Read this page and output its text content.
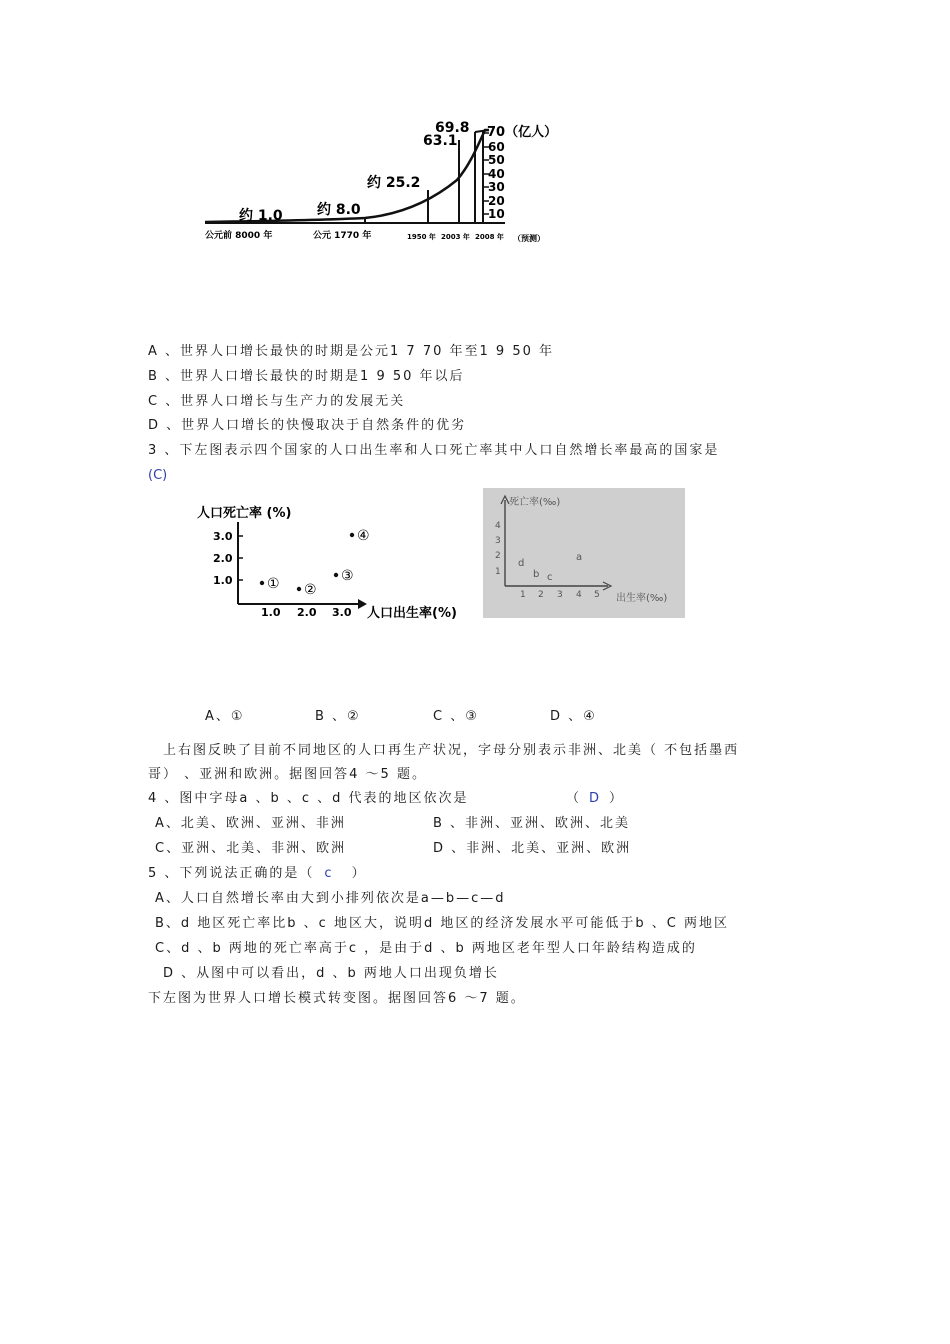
70（亿人）
60
50
40
30
20
10
约 1.0 约 8.0
约 25.2
63.1
69.8
公元前 8000 年	公元 1770 年	1950 年 2003 年 2008 年 （预测）
A 、世界人口增长最快的时期是公元1 7 70 年至1 9 50 年
B 、世界人口增长最快的时期是1 9 50 年以后
C 、世界人口增长与生产力的发展无关
D 、世界人口增长的快慢取决于自然条件的优劣
3 、下左图表示四个国家的人口出生率和人口死亡率其中人口自然增长率最高的国家是
(C)
人口死亡率 (%)
3.0
2.0
1.0
1.0 2.0 3.0 人口出生率(%)
① ②
③
④
死亡率(‰)
4
3
2
1
1 2 3 4 5 出生率(‰)
a
b c
d
A、①	B 、②	C 、③	D 、④
上右图反映了目前不同地区的人口再生产状况，字母分别表示非洲、北美（ 不包括墨西
哥） 、亚洲和欧洲。据图回答4 ～5 题。
4 、图中字母a 、b 、c 、d 代表的地区依次是	（ D ）
A、北美、欧洲、亚洲、非洲	B 、非洲、亚洲、欧洲、北美
C、亚洲、北美、非洲、欧洲	D 、非洲、北美、亚洲、欧洲
5 、下列说法正确的是（ c ）
A、人口自然增长率由大到小排列依次是a—b—c—d
B、d 地区死亡率比b 、c 地区大，说明d 地区的经济发展水平可能低于b 、C 两地区
C、d 、b 两地的死亡率高于c ，是由于d 、b 两地区老年型人口年龄结构造成的
D 、从图中可以看出，d 、b 两地人口出现负增长
下左图为世界人口增长模式转变图。据图回答6 ～7 题。
